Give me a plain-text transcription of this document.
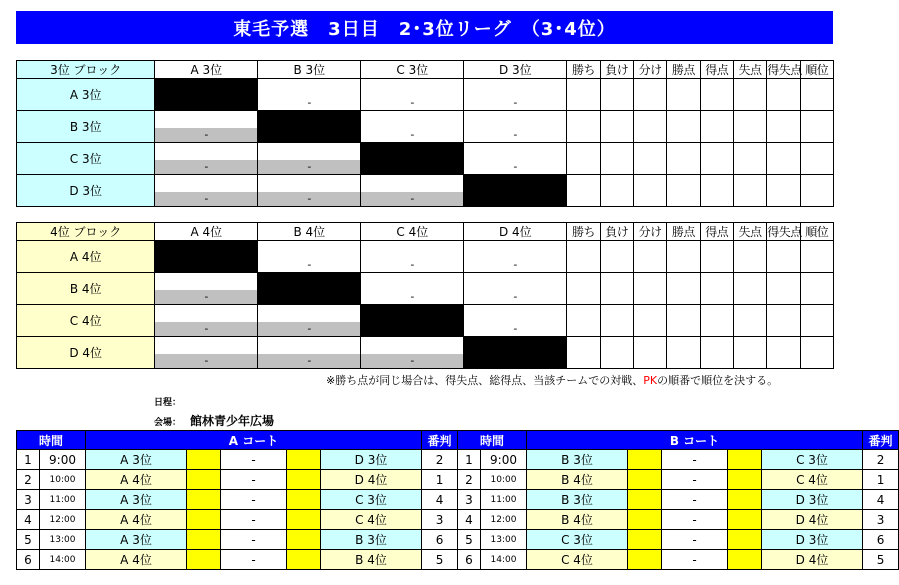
東毛予選　3日目　2･3位リーグ　（3･4位）
3位 ブロック	A 3位	B 3位	C 3位	D 3位	勝ち	負け	分け	勝点	得点	失点	得失点	順位
A 3位		-	-	-								

B 3位	-		-	-								

C 3位	-	-		-								

D 3位	-	-	-									

4位 ブロック	A 4位	B 4位	C 4位	D 4位	勝ち	負け	分け	勝点	得点	失点	得失点	順位
A 4位		-	-	-								

B 4位	-		-	-								

C 4位	-	-		-								

D 4位	-	-	-									

※勝ち点が同じ場合は、得失点、総得点、当該チームでの対戦、PKの順番で順位を決する。
日程：
会場： 館林青少年広場
時間		A コート					番判
1	9:00	A 3位		-		D 3位	2
2	10:00	A 4位		-		D 4位	1
3	11:00	A 3位		-		C 3位	4
4	12:00	A 4位		-		C 4位	3
5	13:00	A 3位		-		B 3位	6
6	14:00	A 4位		-		B 4位	5
時間		B コート					番判
1	9:00	B 3位		-		C 3位	2
2	10:00	B 4位		-		C 4位	1
3	11:00	B 3位		-		D 3位	4
4	12:00	B 4位		-		D 4位	3
5	13:00	C 3位		-		D 3位	6
6	14:00	C 4位		-		D 4位	5
